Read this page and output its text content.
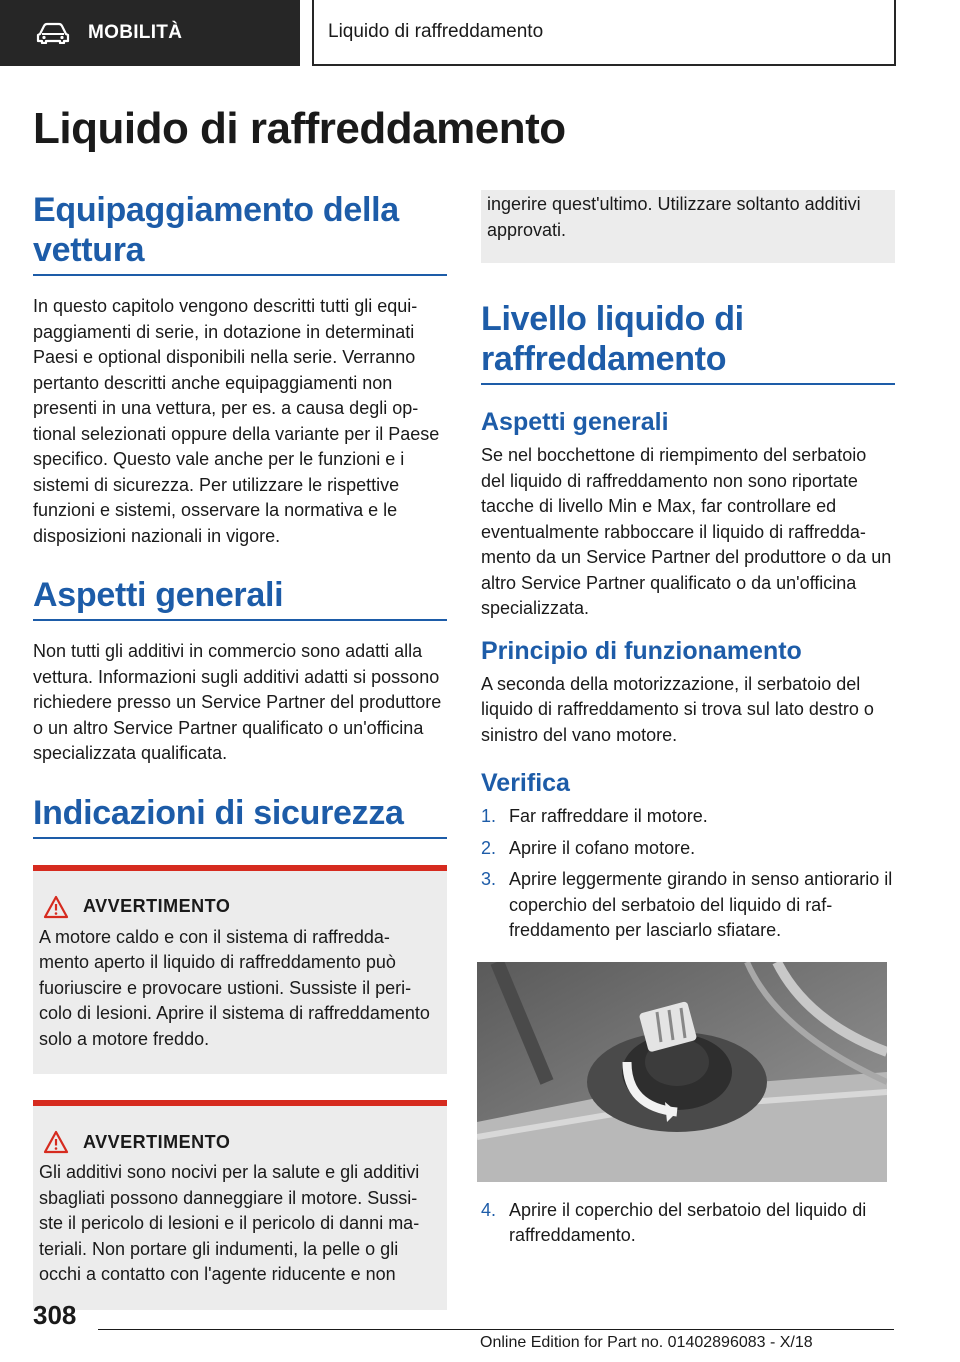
MOBILITÀ	Liquido di raffreddamento
Liquido di raffreddamento
Equipaggiamento della vettura

In questo capitolo vengono descritti tutti gli equipaggiamenti di serie, in dotazione in determinati Paesi e optional disponibili nella serie. Verranno pertanto descritti anche equipaggiamenti non presenti in una vettura, per es. a causa degli optional selezionati oppure della variante per il Paese specifico. Questo vale anche per le funzioni e i sistemi di sicurezza. Per utilizzare le rispettive funzioni e sistemi, osservare la normativa e le disposizioni nazionali in vigore.

Aspetti generali

Non tutti gli additivi in commercio sono adatti alla vettura. Informazioni sugli additivi adatti si possono richiedere presso un Service Partner del produttore o un altro Service Partner qualificato o un'officina specializzata qualificata.

Indicazioni di sicurezza
AVVERTIMENTO

A motore caldo e con il sistema di raffreddamento aperto il liquido di raffreddamento può fuoriuscire e provocare ustioni. Sussiste il pericolo di lesioni. Aprire il sistema di raffreddamento solo a motore freddo.

AVVERTIMENTO

Gli additivi sono nocivi per la salute e gli additivi sbagliati possono danneggiare il motore. Sussiste il pericolo di lesioni e il pericolo di danni materiali. Non portare gli indumenti, la pelle o gli occhi a contatto con l'agente riducente e non

ingerire quest'ultimo. Utilizzare soltanto additivi approvati.

Livello liquido di raffreddamento
Aspetti generali

Se nel bocchettone di riempimento del serbatoio del liquido di raffreddamento non sono riportate tacche di livello Min e Max, far controllare ed eventualmente rabboccare il liquido di raffreddamento da un Service Partner del produttore o da un altro Service Partner qualificato o da un'officina specializzata.

Principio di funzionamento

A seconda della motorizzazione, il serbatoio del liquido di raffreddamento si trova sul lato destro o sinistro del vano motore.

Verifica
1. Far raffreddare il motore.
2. Aprire il cofano motore.
3. Aprire leggermente girando in senso antiorario il coperchio del serbatoio del liquido di raffreddamento per lasciarlo sfiatare.
4. Aprire il coperchio del serbatoio del liquido di raffreddamento.
308
Online Edition for Part no. 01402896083 - X/18
